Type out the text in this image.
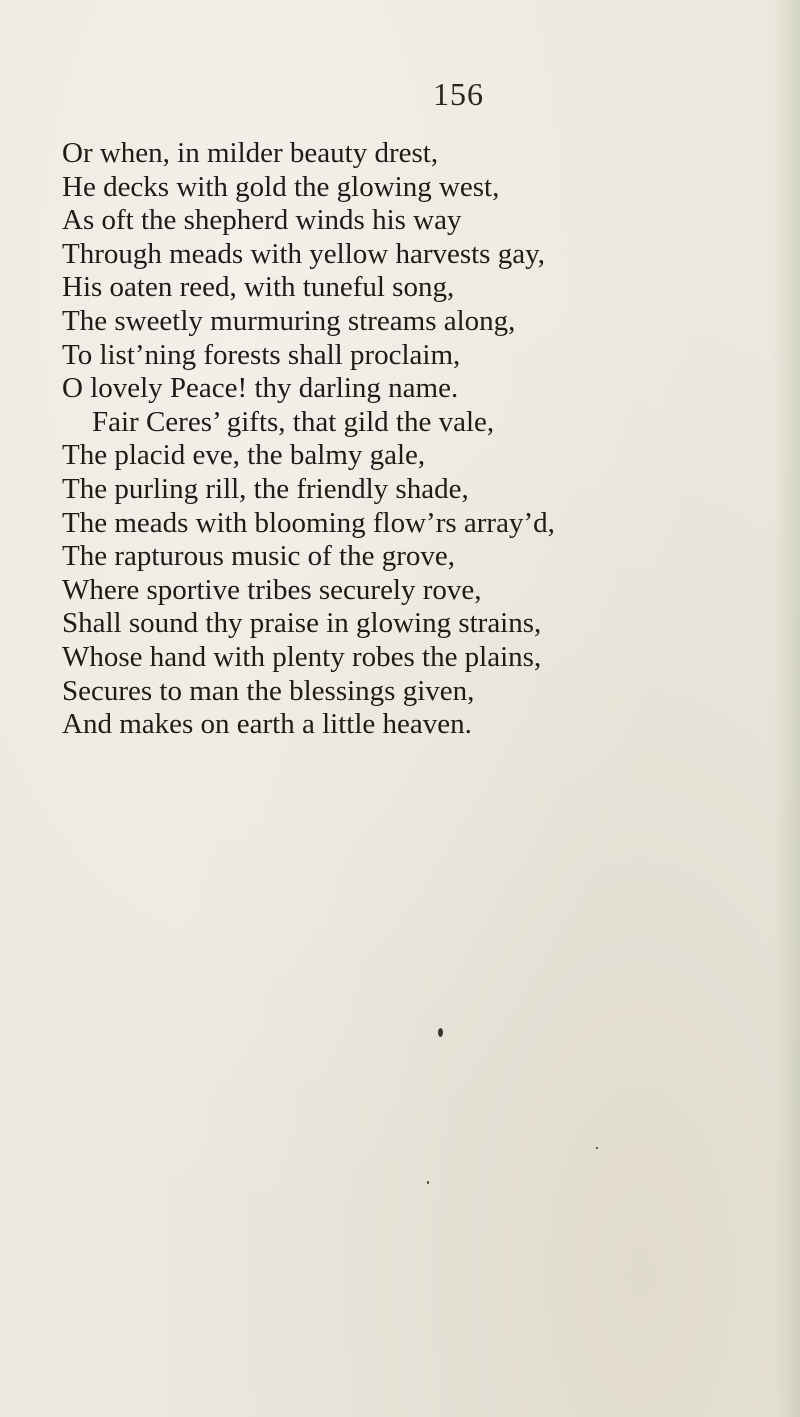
156
Or when, in milder beauty drest,
He decks with gold the glowing west,
As oft the shepherd winds his way
Through meads with yellow harvests gay,
His oaten reed, with tuneful song,
The sweetly murmuring streams along,
To list’ning forests shall proclaim,
O lovely Peace! thy darling name.
Fair Ceres’ gifts, that gild the vale,
The placid eve, the balmy gale,
The purling rill, the friendly shade,
The meads with blooming flow’rs array’d,
The rapturous music of the grove,
Where sportive tribes securely rove,
Shall sound thy praise in glowing strains,
Whose hand with plenty robes the plains,
Secures to man the blessings given,
And makes on earth a little heaven.
